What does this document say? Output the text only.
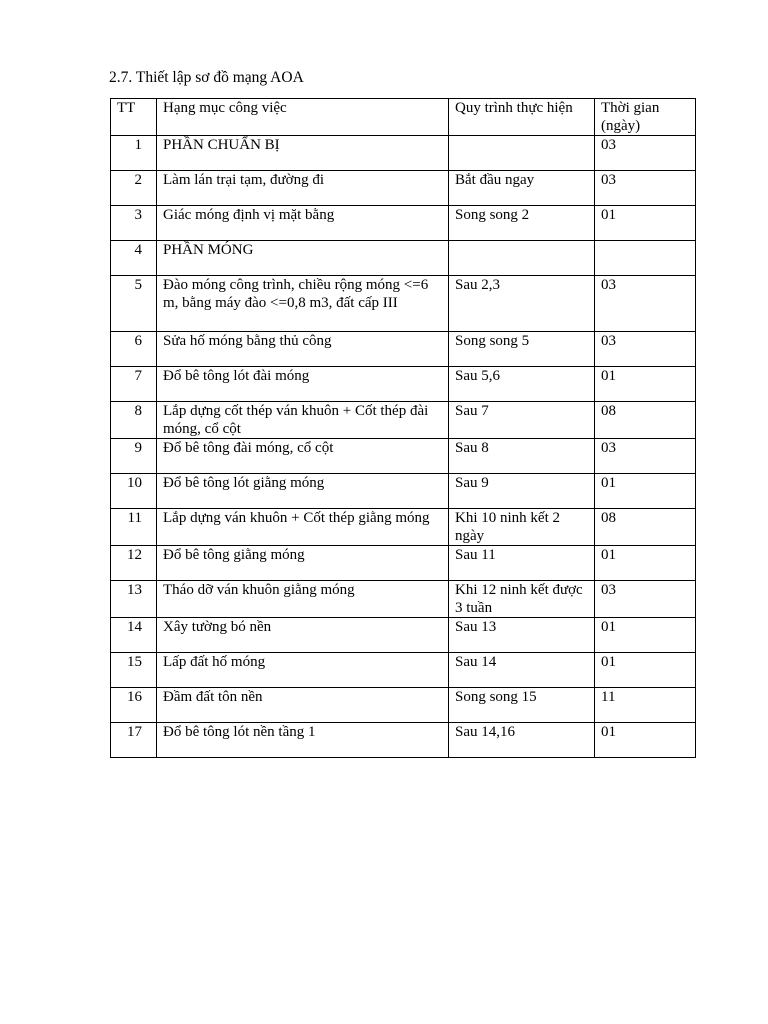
2.7. Thiết lập sơ đồ mạng AOA
TT	Hạng mục công việc	Quy trình thực hiện	Thời gian (ngày)
1	PHẦN CHUẨN BỊ		03
2	Làm lán trại tạm, đường đi	Bắt đầu ngay	03
3	Giác móng định vị mặt bằng	Song song 2	01
4	PHẦN MÓNG		
5	Đào móng công trình, chiều rộng móng <=6 m, bằng máy đào <=0,8 m3, đất cấp III	Sau 2,3	03
6	Sửa hố móng bằng thủ công	Song song 5	03
7	Đổ bê tông lót đài móng	Sau 5,6	01
8	Lắp dựng cốt thép ván khuôn + Cốt thép đài móng, cổ cột	Sau 7	08
9	Đổ bê tông đài móng, cổ cột	Sau 8	03
10	Đổ bê tông lót giằng móng	Sau 9	01
11	Lắp dựng ván khuôn + Cốt thép giằng móng	Khi 10 ninh kết 2 ngày	08
12	Đổ bê tông giằng móng	Sau 11	01
13	Tháo dỡ ván khuôn giằng móng	Khi 12 ninh kết được 3 tuần	03
14	Xây tường bó nền	Sau 13	01
15	Lấp đất hố móng	Sau 14	01
16	Đầm đất tôn nền	Song song 15	11
17	Đổ bê tông lót nền tầng 1	Sau 14,16	01
